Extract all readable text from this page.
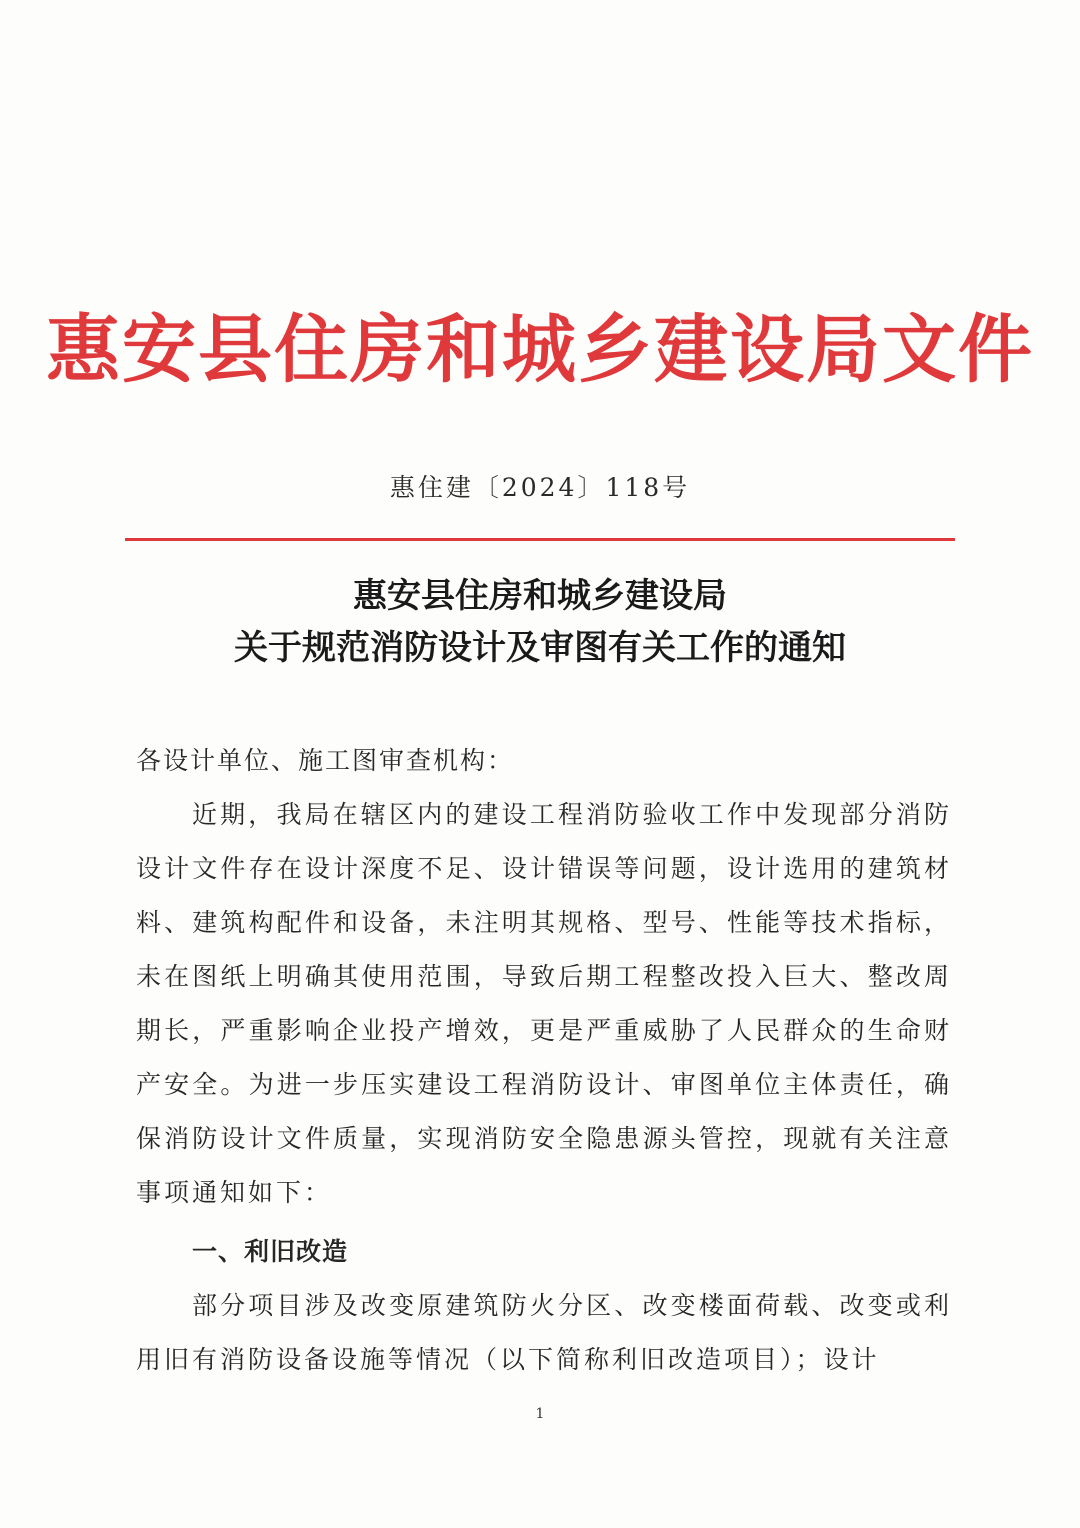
惠安县住房和城乡建设局文件
惠住建〔2024〕118号
惠安县住房和城乡建设局
关于规范消防设计及审图有关工作的通知
各设计单位、施工图审查机构：
近期，我局在辖区内的建设工程消防验收工作中发现部分消防设计文件存在设计深度不足、设计错误等问题，设计选用的建筑材料、建筑构配件和设备，未注明其规格、型号、性能等技术指标，未在图纸上明确其使用范围，导致后期工程整改投入巨大、整改周期长，严重影响企业投产增效，更是严重威胁了人民群众的生命财产安全。为进一步压实建设工程消防设计、审图单位主体责任，确保消防设计文件质量，实现消防安全隐患源头管控，现就有关注意事项通知如下：
一、利旧改造
部分项目涉及改变原建筑防火分区、改变楼面荷载、改变或利用旧有消防设备设施等情况（以下简称利旧改造项目）；设计
1
